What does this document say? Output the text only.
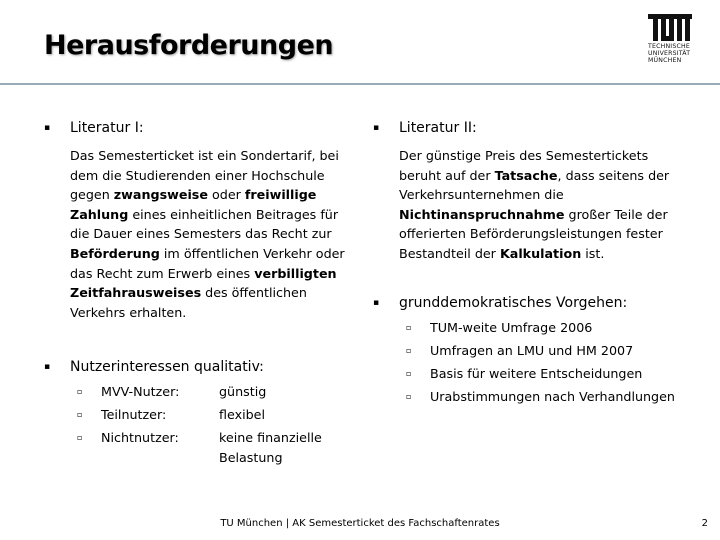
Herausforderungen	TECHNISCHE
UNIVERSITÄT
MÜNCHEN
▪ Literatur I:
Das Semesterticket ist ein Sondertarif, bei dem die Studierenden einer Hochschule gegen zwangsweise oder freiwillige Zahlung eines einheitlichen Beitrages für die Dauer eines Semesters das Recht zur Beförderung im öffentlichen Verkehr oder das Recht zum Erwerb eines verbilligten Zeitfahrausweises des öffentlichen Verkehrs erhalten.
▪ Nutzerinteressen qualitativ:
▫ MVV-Nutzer:	günstig
▫ Teilnutzer:	flexibel
▫ Nichtnutzer:	keine finanzielle Belastung
▪ Literatur II:
Der günstige Preis des Semestertickets beruht auf der Tatsache, dass seitens der Verkehrsunternehmen die Nichtinanspruchnahme großer Teile der offerierten Beförderungsleistungen fester Bestandteil der Kalkulation ist.
▪ grunddemokratisches Vorgehen:
▫ TUM-weite Umfrage 2006
▫ Umfragen an LMU und HM 2007
▫ Basis für weitere Entscheidungen
▫ Urabstimmungen nach Verhandlungen
TU München | AK Semesterticket des Fachschaftenrates	2
